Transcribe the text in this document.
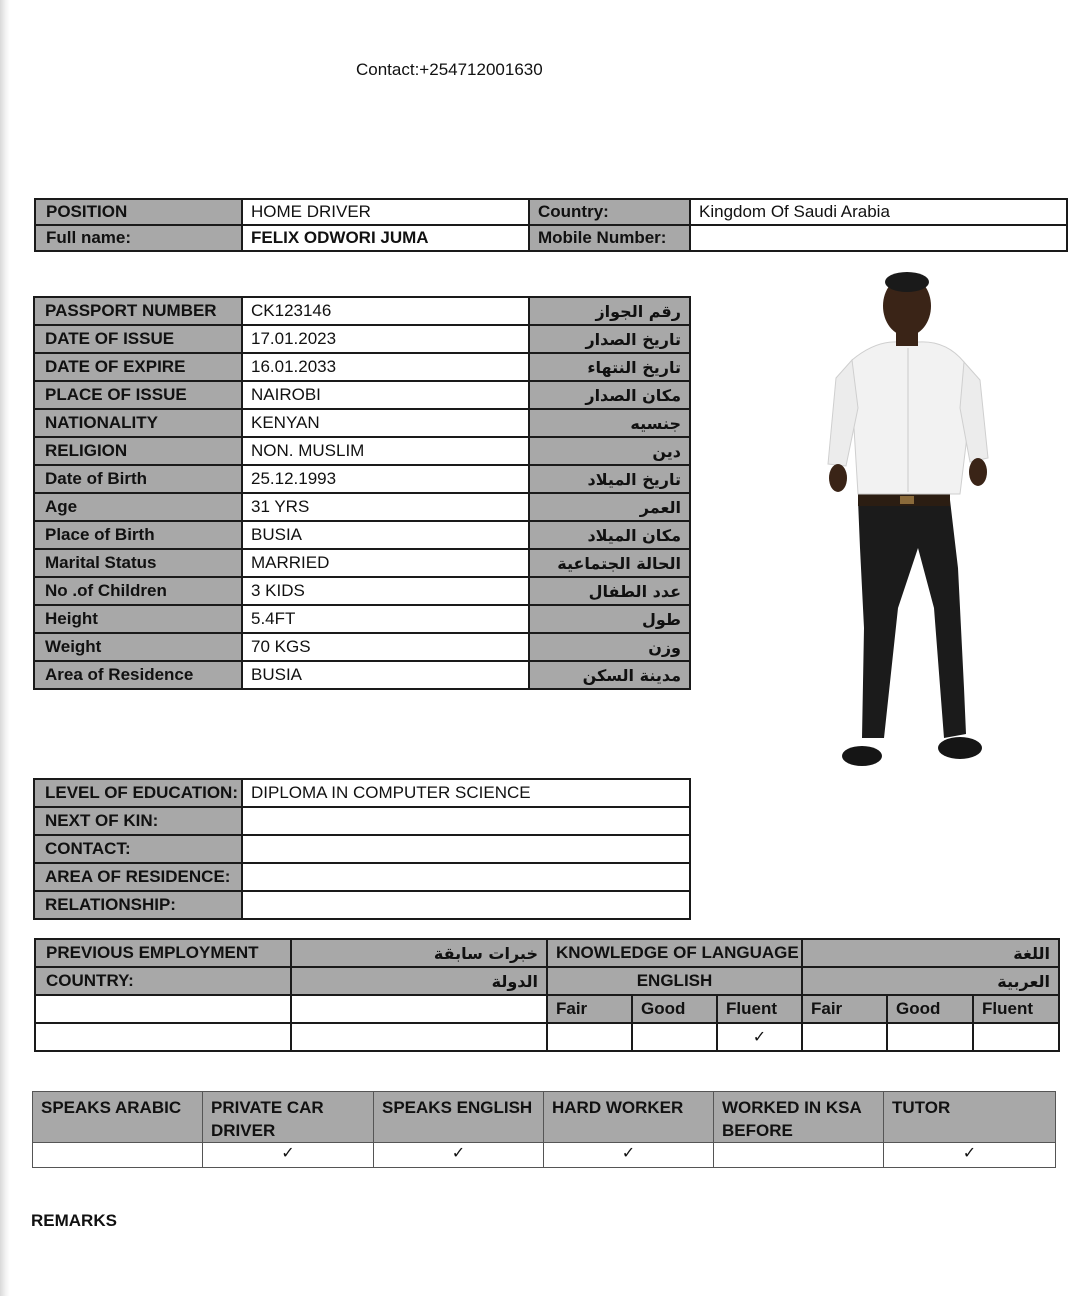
Contact:+254712001630
POSITION	HOME DRIVER	Country:	Kingdom Of Saudi Arabia
Full name:	FELIX ODWORI JUMA	Mobile Number:	
PASSPORT NUMBER	CK123146	رقم الجواز
DATE OF ISSUE	17.01.2023	تاريخ الصدار
DATE OF EXPIRE	16.01.2033	تاريخ النتهاء
PLACE OF ISSUE	NAIROBI	مكان الصدار
NATIONALITY	KENYAN	جنسيه
RELIGION	NON. MUSLIM	دين
Date of Birth	25.12.1993	تاريخ الميلاد
Age	31 YRS	العمر
Place of Birth	BUSIA	مكان الميلاد
Marital Status	MARRIED	الحالة الجتماعية
No .of Children	3 KIDS	عدد الطفال
Height	5.4FT	طول
Weight	70 KGS	وزن
Area of Residence	BUSIA	مدينة السكن
LEVEL OF EDUCATION:	DIPLOMA IN COMPUTER SCIENCE
NEXT OF KIN:	
CONTACT:	
AREA OF RESIDENCE:	
RELATIONSHIP:	
PREVIOUS EMPLOYMENT	خبرات سابقة	KNOWLEDGE OF LANGUAGE			اللغة		
COUNTRY:	الدولة	ENGLISH			العربية		
		Fair	Good	Fluent	Fair	Good	Fluent
				✓			
SPEAKS ARABIC	PRIVATE CAR DRIVER	SPEAKS ENGLISH	HARD WORKER	WORKED IN KSA BEFORE	TUTOR
	✓	✓	✓		✓
REMARKS
